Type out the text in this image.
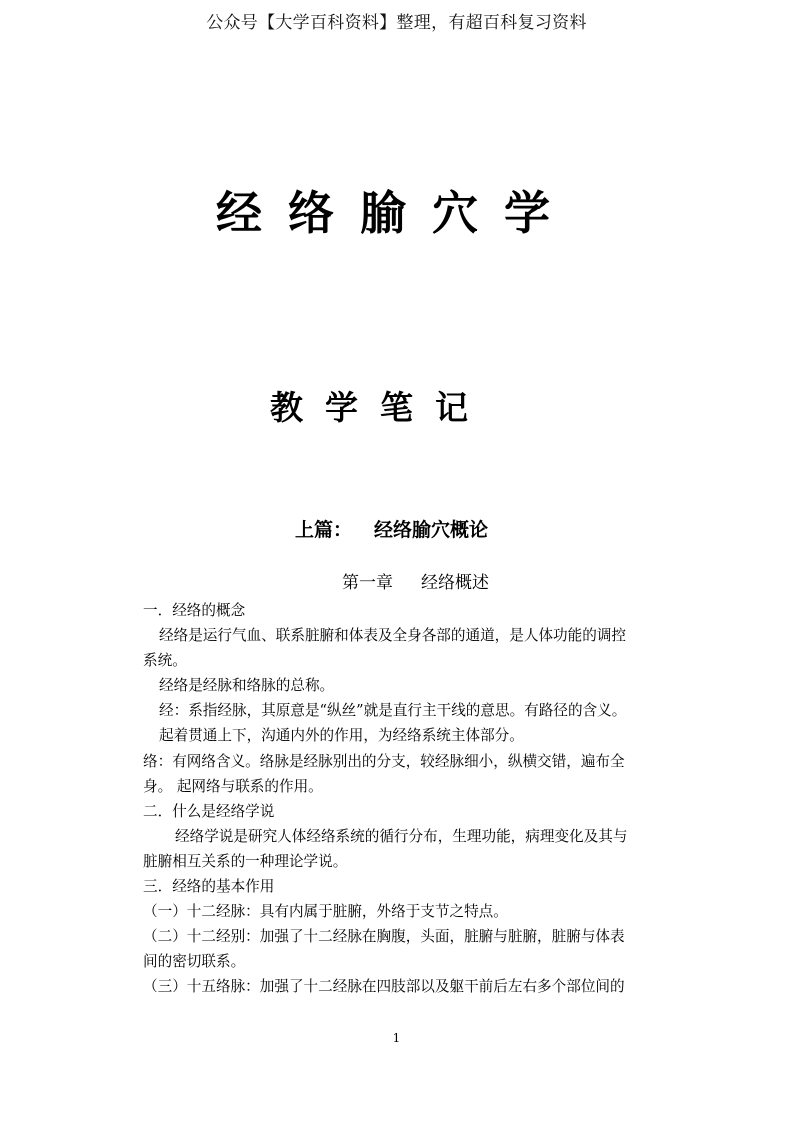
公众号【大学百科资料】整理，有超百科复习资料
经络腧穴学
教学笔记
上篇： 经络腧穴概论
第一章 经络概述
一．经络的概念
经络是运行气血、联系脏腑和体表及全身各部的通道，是人体功能的调控
系统。
经络是经脉和络脉的总称。
经：系指经脉，其原意是“纵丝”就是直行主干线的意思。有路径的含义。
起着贯通上下，沟通内外的作用，为经络系统主体部分。
络：有网络含义。络脉是经脉别出的分支，较经脉细小，纵横交错，遍布全
身。 起网络与联系的作用。
二．什么是经络学说
经络学说是研究人体经络系统的循行分布，生理功能，病理变化及其与
脏腑相互关系的一种理论学说。
三．经络的基本作用
（一）十二经脉：具有内属于脏腑，外络于支节之特点。
（二）十二经别：加强了十二经脉在胸腹，头面，脏腑与脏腑，脏腑与体表
间的密切联系。
（三）十五络脉：加强了十二经脉在四肢部以及躯干前后左右多个部位间的
1
